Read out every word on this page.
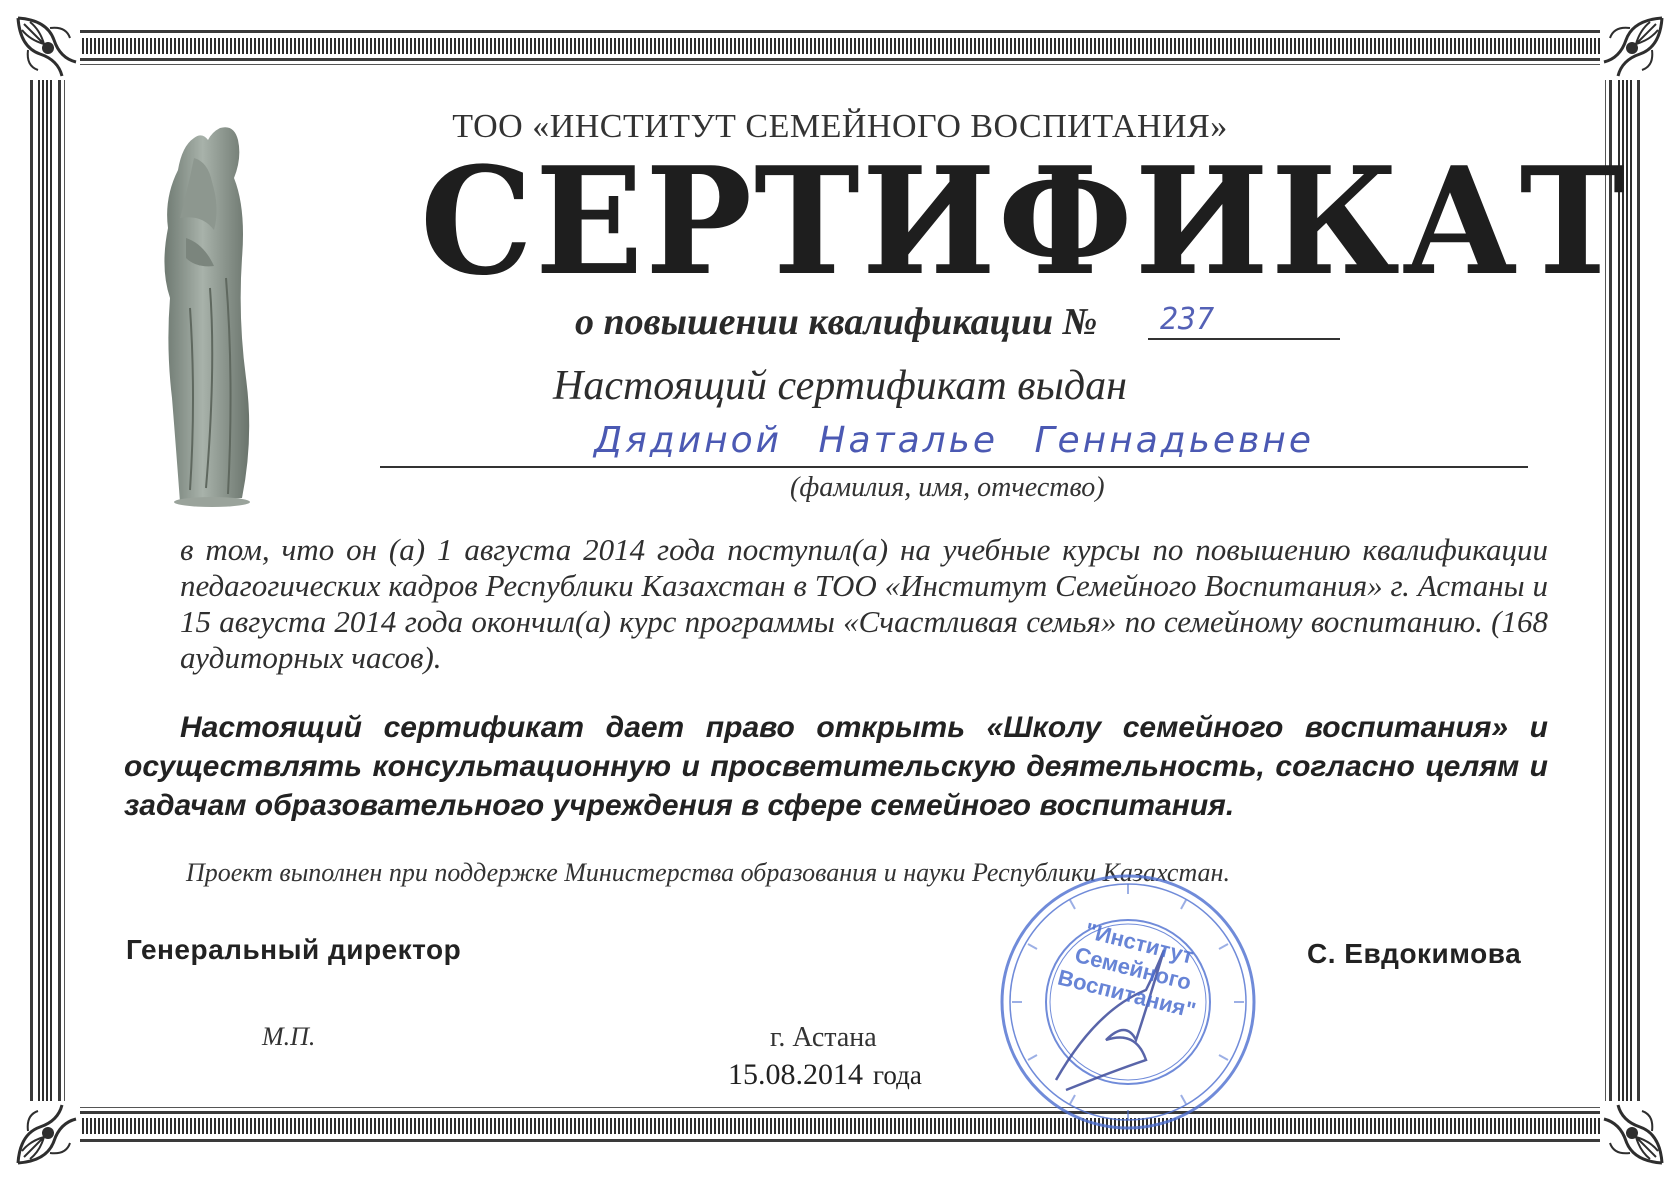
ТОО «ИНСТИТУТ СЕМЕЙНОГО ВОСПИТАНИЯ»
СЕРТИФИКАТ
о повышении квалификации № 237
Настоящий сертификат выдан
Дядиной Наталье Геннадьевне
(фамилия, имя, отчество)

в том, что он (а) 1 августа 2014 года поступил(а) на учебные курсы по повышению квалификации педагогических кадров Республики Казахстан в ТОО «Институт Семейного Воспитания» г. Астаны и 15 августа 2014 года окончил(а) курс программы «Счастливая семья» по семейному воспитанию. (168 аудиторных часов).

Настоящий сертификат дает право открыть «Школу семейного воспитания» и осуществлять консультационную и просветительскую деятельность, согласно целям и задачам образовательного учреждения в сфере семейного воспитания.
Проект выполнен при поддержке Министерства образования и науки Республики Казахстан.
Генеральный директор	С. Евдокимова
М.П.	г. Астана
15.08.2014 года
"Институт Семейного Воспитания"
